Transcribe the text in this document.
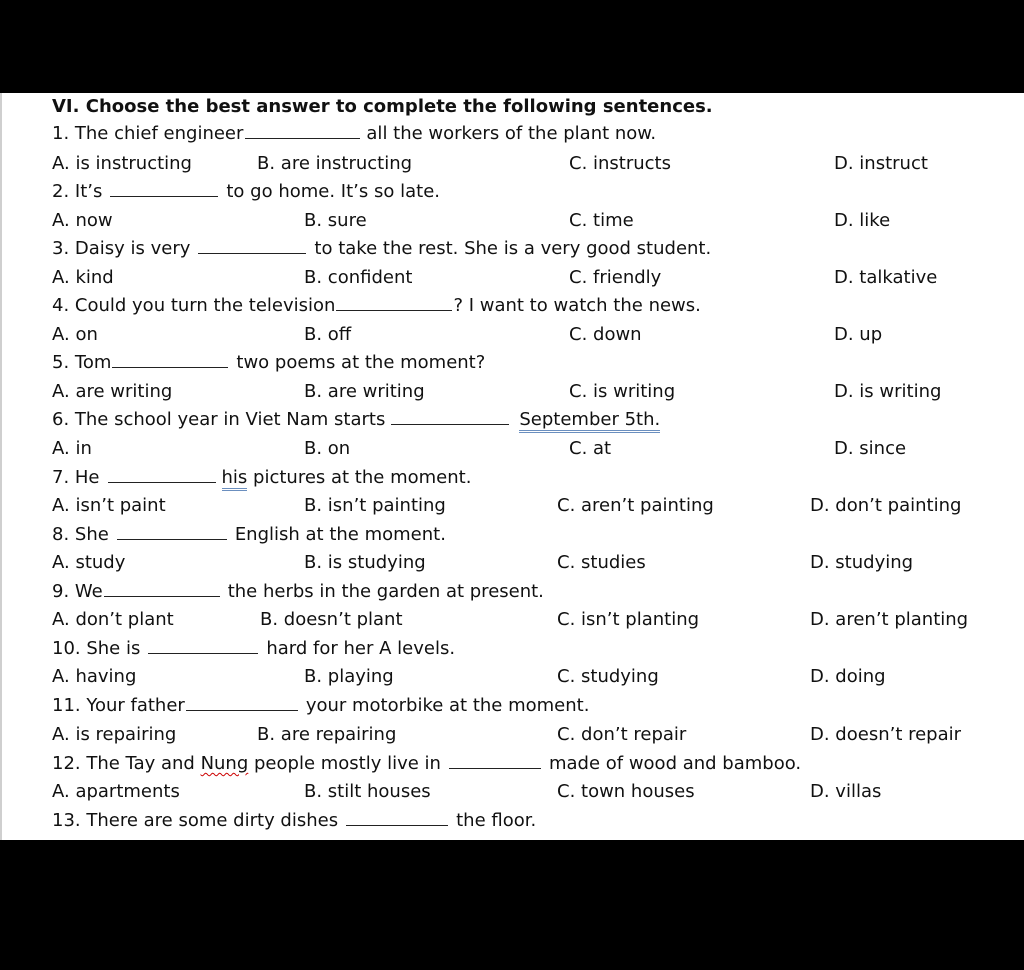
VI. Choose the best answer to complete the following sentences.
1. The chief engineer	all the workers of the plant now.
A. is instructing	B. are instructing	C. instructs	D. instruct
2. It’s	to go home. It’s so late.
A. now	B. sure	C. time	D. like
3. Daisy is very	to take the rest. She is a very good student.
A. kind	B. confident	C. friendly	D. talkative
4. Could you turn the television	? I want to watch the news.
A. on	B. off	C. down	D. up
5. Tom	two poems at the moment?
A. are writing	B. are writing	C. is writing	D. is writing
6. The school year in Viet Nam starts	September 5th.
A. in	B. on	C. at	D. since
7. He	his pictures at the moment.
A. isn’t paint	B. isn’t painting	C. aren’t painting	D. don’t painting
8. She	English at the moment.
A. study	B. is studying	C. studies	D. studying
9. We	the herbs in the garden at present.
A. don’t plant	B. doesn’t plant	C. isn’t planting	D. aren’t planting
10. She is	hard for her A levels.
A. having	B. playing	C. studying	D. doing
11. Your father	your motorbike at the moment.
A. is repairing	B. are repairing	C. don’t repair	D. doesn’t repair
12. The Tay and Nung people mostly live in	made of wood and bamboo.
A. apartments	B. stilt houses	C. town houses	D. villas
13. There are some dirty dishes	the floor.
